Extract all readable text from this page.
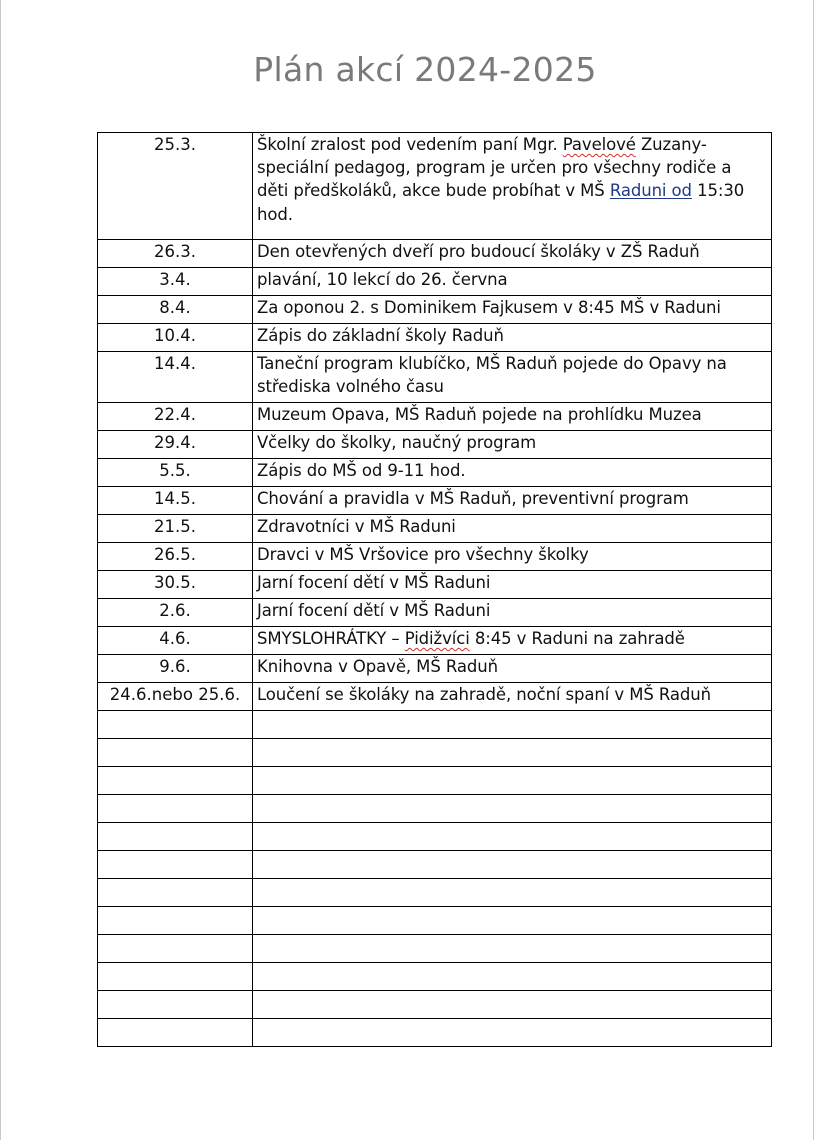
Plán akcí 2024-2025
25.3.	Školní zralost pod vedením paní Mgr. Pavelové Zuzany- speciální pedagog, program je určen pro všechny rodiče a děti předškoláků, akce bude probíhat v MŠ Raduni od 15:30 hod.
26.3.	Den otevřených dveří pro budoucí školáky v ZŠ Raduň
3.4.	plavání, 10 lekcí do 26. června
8.4.	Za oponou 2. s Dominikem Fajkusem v 8:45 MŠ v Raduni
10.4.	Zápis do základní školy Raduň
14.4.	Taneční program klubíčko, MŠ Raduň pojede do Opavy na střediska volného času
22.4.	Muzeum Opava, MŠ Raduň pojede na prohlídku Muzea
29.4.	Včelky do školky, naučný program
5.5.	Zápis do MŠ od 9-11 hod.
14.5.	Chování a pravidla v MŠ Raduň, preventivní program
21.5.	Zdravotníci v MŠ Raduni
26.5.	Dravci v MŠ Vršovice pro všechny školky
30.5.	Jarní focení dětí v MŠ Raduni
2.6.	Jarní focení dětí v MŠ Raduni
4.6.	SMYSLOHRÁTKY – Pidižvíci 8:45 v Raduni na zahradě
9.6.	Knihovna v Opavě, MŠ Raduň
24.6.nebo 25.6.	Loučení se školáky na zahradě, noční spaní v MŠ Raduň
